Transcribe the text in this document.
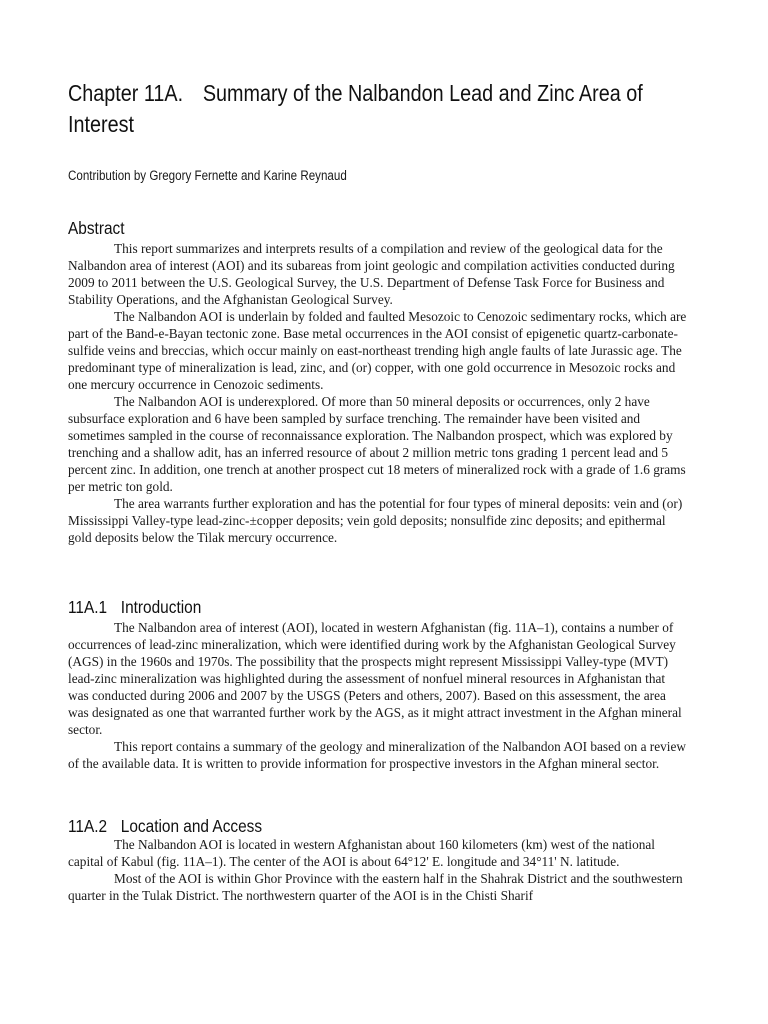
Chapter 11A. Summary of the Nalbandon Lead and Zinc Area of Interest
Contribution by Gregory Fernette and Karine Reynaud
Abstract

This report summarizes and interprets results of a compilation and review of the geological data for the Nalbandon area of interest (AOI) and its subareas from joint geologic and compilation activities conducted during 2009 to 2011 between the U.S. Geological Survey, the U.S. Department of Defense Task Force for Business and Stability Operations, and the Afghanistan Geological Survey.

The Nalbandon AOI is underlain by folded and faulted Mesozoic to Cenozoic sedimentary rocks, which are part of the Band-e-Bayan tectonic zone. Base metal occurrences in the AOI consist of epigenetic quartz-carbonate-sulfide veins and breccias, which occur mainly on east-northeast trending high angle faults of late Jurassic age. The predominant type of mineralization is lead, zinc, and (or) copper, with one gold occurrence in Mesozoic rocks and one mercury occurrence in Cenozoic sediments.

The Nalbandon AOI is underexplored. Of more than 50 mineral deposits or occurrences, only 2 have subsurface exploration and 6 have been sampled by surface trenching. The remainder have been visited and sometimes sampled in the course of reconnaissance exploration. The Nalbandon prospect, which was explored by trenching and a shallow adit, has an inferred resource of about 2 million metric tons grading 1 percent lead and 5 percent zinc. In addition, one trench at another prospect cut 18 meters of mineralized rock with a grade of 1.6 grams per metric ton gold.

The area warrants further exploration and has the potential for four types of mineral deposits: vein and (or) Mississippi Valley-type lead-zinc-±copper deposits; vein gold deposits; nonsulfide zinc deposits; and epithermal gold deposits below the Tilak mercury occurrence.

11A.1 Introduction

The Nalbandon area of interest (AOI), located in western Afghanistan (fig. 11A–1), contains a number of occurrences of lead-zinc mineralization, which were identified during work by the Afghanistan Geological Survey (AGS) in the 1960s and 1970s. The possibility that the prospects might represent Mississippi Valley-type (MVT) lead-zinc mineralization was highlighted during the assessment of nonfuel mineral resources in Afghanistan that was conducted during 2006 and 2007 by the USGS (Peters and others, 2007). Based on this assessment, the area was designated as one that warranted further work by the AGS, as it might attract investment in the Afghan mineral sector.

This report contains a summary of the geology and mineralization of the Nalbandon AOI based on a review of the available data. It is written to provide information for prospective investors in the Afghan mineral sector.

11A.2 Location and Access

The Nalbandon AOI is located in western Afghanistan about 160 kilometers (km) west of the national capital of Kabul (fig. 11A–1). The center of the AOI is about 64°12' E. longitude and 34°11' N. latitude.

Most of the AOI is within Ghor Province with the eastern half in the Shahrak District and the southwestern quarter in the Tulak District. The northwestern quarter of the AOI is in the Chisti Sharif
